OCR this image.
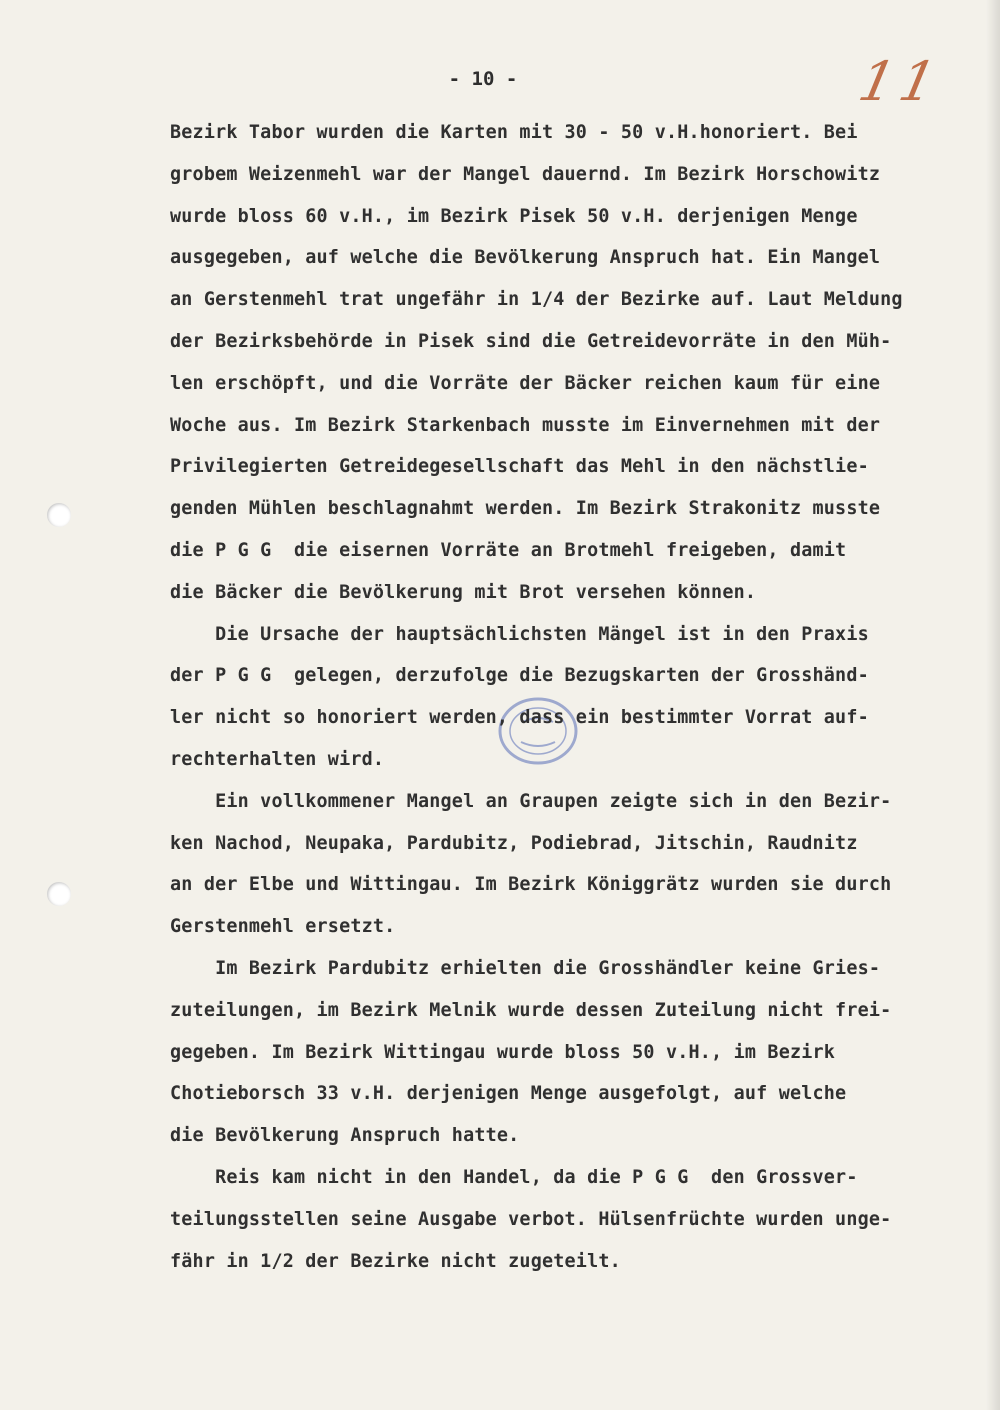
- 10 -	11
Bezirk Tabor wurden die Karten mit 30 - 50 v.H.honoriert. Bei
grobem Weizenmehl war der Mangel dauernd. Im Bezirk Horschowitz
wurde bloss 60 v.H., im Bezirk Pisek 50 v.H. derjenigen Menge
ausgegeben, auf welche die Bevölkerung Anspruch hat. Ein Mangel
an Gerstenmehl trat ungefähr in 1/4 der Bezirke auf. Laut Meldung
der Bezirksbehörde in Pisek sind die Getreidevorräte in den Müh-
len erschöpft, und die Vorräte der Bäcker reichen kaum für eine
Woche aus. Im Bezirk Starkenbach musste im Einvernehmen mit der
Privilegierten Getreidegesellschaft das Mehl in den nächstlie-
genden Mühlen beschlagnahmt werden. Im Bezirk Strakonitz musste
die P G G  die eisernen Vorräte an Brotmehl freigeben, damit
die Bäcker die Bevölkerung mit Brot versehen können.
Die Ursache der hauptsächlichsten Mängel ist in den Praxis
der P G G  gelegen, derzufolge die Bezugskarten der Grosshänd-
ler nicht so honoriert werden, dass ein bestimmter Vorrat auf-
rechterhalten wird.
Ein vollkommener Mangel an Graupen zeigte sich in den Bezir-
ken Nachod, Neupaka, Pardubitz, Podiebrad, Jitschin, Raudnitz
an der Elbe und Wittingau. Im Bezirk Königgrätz wurden sie durch
Gerstenmehl ersetzt.
Im Bezirk Pardubitz erhielten die Grosshändler keine Gries-
zuteilungen, im Bezirk Melnik wurde dessen Zuteilung nicht frei-
gegeben. Im Bezirk Wittingau wurde bloss 50 v.H., im Bezirk
Chotieborsch 33 v.H. derjenigen Menge ausgefolgt, auf welche
die Bevölkerung Anspruch hatte.
Reis kam nicht in den Handel, da die P G G  den Grossver-
teilungsstellen seine Ausgabe verbot. Hülsenfrüchte wurden unge-
fähr in 1/2 der Bezirke nicht zugeteilt.
